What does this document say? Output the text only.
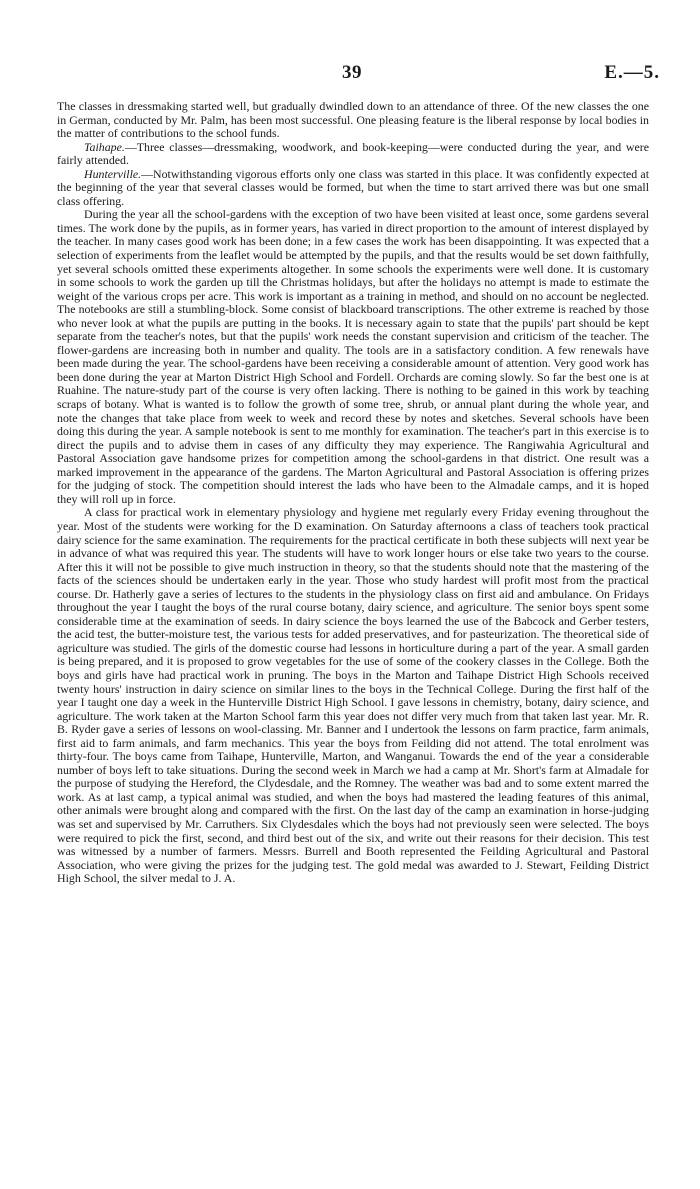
39	E.—5.

The classes in dressmaking started well, but gradually dwindled down to an attendance of three. Of the new classes the one in German, conducted by Mr. Palm, has been most successful. One pleasing feature is the liberal response by local bodies in the matter of contributions to the school funds.

Taihape.—Three classes—dressmaking, woodwork, and book-keeping—were conducted during the year, and were fairly attended.

Hunterville.—Notwithstanding vigorous efforts only one class was started in this place. It was confidently expected at the beginning of the year that several classes would be formed, but when the time to start arrived there was but one small class offering.

During the year all the school-gardens with the exception of two have been visited at least once, some gardens several times. The work done by the pupils, as in former years, has varied in direct proportion to the amount of interest displayed by the teacher. In many cases good work has been done; in a few cases the work has been disappointing. It was expected that a selection of experiments from the leaflet would be attempted by the pupils, and that the results would be set down faithfully, yet several schools omitted these experiments altogether. In some schools the experiments were well done. It is customary in some schools to work the garden up till the Christmas holidays, but after the holidays no attempt is made to estimate the weight of the various crops per acre. This work is important as a training in method, and should on no account be neglected. The notebooks are still a stumbling-block. Some consist of blackboard transcriptions. The other extreme is reached by those who never look at what the pupils are putting in the books. It is necessary again to state that the pupils' part should be kept separate from the teacher's notes, but that the pupils' work needs the constant supervision and criticism of the teacher. The flower-gardens are increasing both in number and quality. The tools are in a satisfactory condition. A few renewals have been made during the year. The school-gardens have been receiving a considerable amount of attention. Very good work has been done during the year at Marton District High School and Fordell. Orchards are coming slowly. So far the best one is at Ruahine. The nature-study part of the course is very often lacking. There is nothing to be gained in this work by teaching scraps of botany. What is wanted is to follow the growth of some tree, shrub, or annual plant during the whole year, and note the changes that take place from week to week and record these by notes and sketches. Several schools have been doing this during the year. A sample notebook is sent to me monthly for examination. The teacher's part in this exercise is to direct the pupils and to advise them in cases of any difficulty they may experience. The Rangiwahia Agricultural and Pastoral Association gave handsome prizes for competition among the school-gardens in that district. One result was a marked improvement in the appearance of the gardens. The Marton Agricultural and Pastoral Association is offering prizes for the judging of stock. The competition should interest the lads who have been to the Almadale camps, and it is hoped they will roll up in force.

A class for practical work in elementary physiology and hygiene met regularly every Friday evening throughout the year. Most of the students were working for the D examination. On Saturday afternoons a class of teachers took practical dairy science for the same examination. The requirements for the practical certificate in both these subjects will next year be in advance of what was required this year. The students will have to work longer hours or else take two years to the course. After this it will not be possible to give much instruction in theory, so that the students should note that the mastering of the facts of the sciences should be undertaken early in the year. Those who study hardest will profit most from the practical course. Dr. Hatherly gave a series of lectures to the students in the physiology class on first aid and ambulance. On Fridays throughout the year I taught the boys of the rural course botany, dairy science, and agriculture. The senior boys spent some considerable time at the examination of seeds. In dairy science the boys learned the use of the Babcock and Gerber testers, the acid test, the butter-moisture test, the various tests for added preservatives, and for pasteurization. The theoretical side of agriculture was studied. The girls of the domestic course had lessons in horticulture during a part of the year. A small garden is being prepared, and it is proposed to grow vegetables for the use of some of the cookery classes in the College. Both the boys and girls have had practical work in pruning. The boys in the Marton and Taihape District High Schools received twenty hours' instruction in dairy science on similar lines to the boys in the Technical College. During the first half of the year I taught one day a week in the Hunterville District High School. I gave lessons in chemistry, botany, dairy science, and agriculture. The work taken at the Marton School farm this year does not differ very much from that taken last year. Mr. R. B. Ryder gave a series of lessons on wool-classing. Mr. Banner and I undertook the lessons on farm practice, farm animals, first aid to farm animals, and farm mechanics. This year the boys from Feilding did not attend. The total enrolment was thirty-four. The boys came from Taihape, Hunterville, Marton, and Wanganui. Towards the end of the year a considerable number of boys left to take situations. During the second week in March we had a camp at Mr. Short's farm at Almadale for the purpose of studying the Hereford, the Clydesdale, and the Romney. The weather was bad and to some extent marred the work. As at last camp, a typical animal was studied, and when the boys had mastered the leading features of this animal, other animals were brought along and compared with the first. On the last day of the camp an examination in horse-judging was set and supervised by Mr. Carruthers. Six Clydesdales which the boys had not previously seen were selected. The boys were required to pick the first, second, and third best out of the six, and write out their reasons for their decision. This test was witnessed by a number of farmers. Messrs. Burrell and Booth represented the Feilding Agricultural and Pastoral Association, who were giving the prizes for the judging test. The gold medal was awarded to J. Stewart, Feilding District High School, the silver medal to J. A.
